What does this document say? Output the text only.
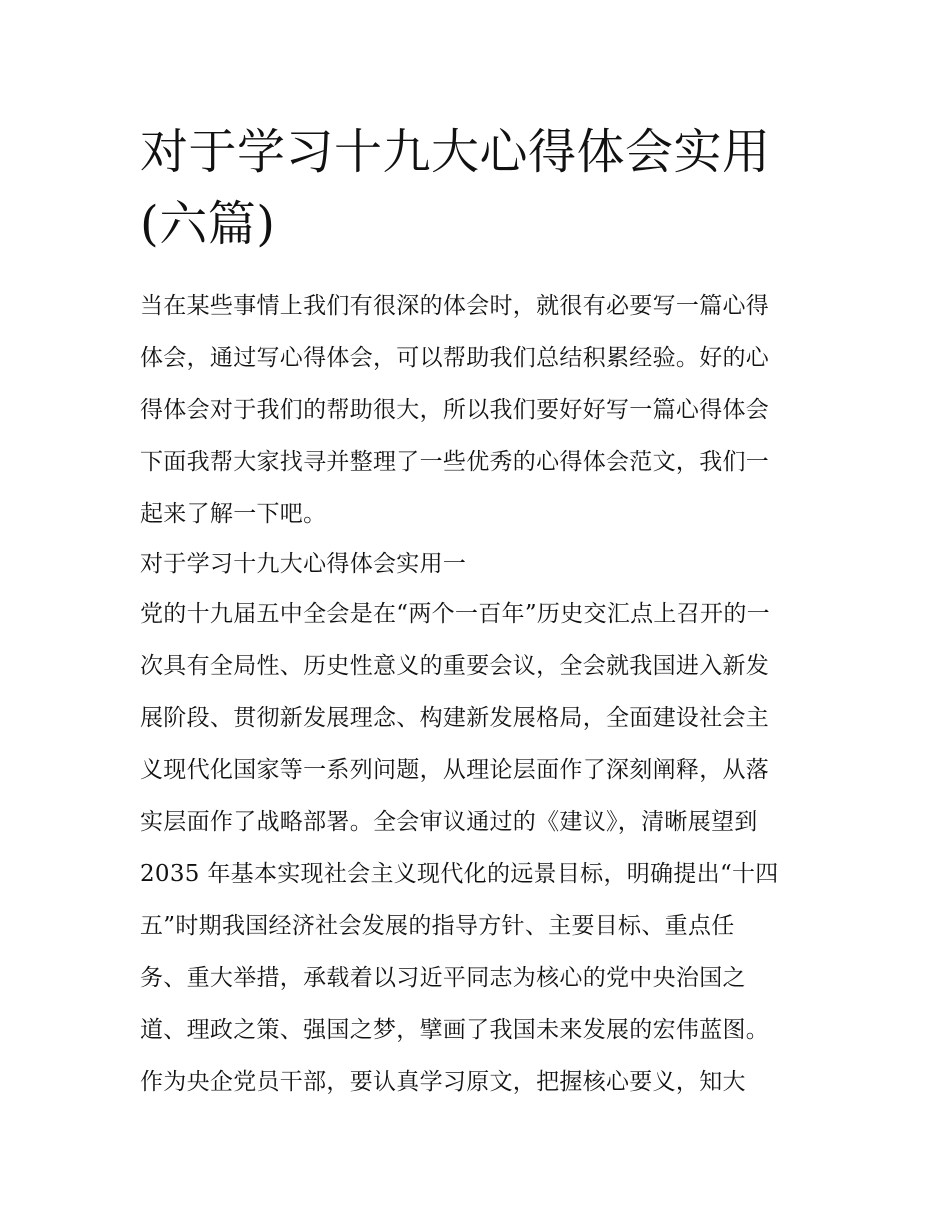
对于学习十九大心得体会实用
(六篇)
当在某些事情上我们有很深的体会时，就很有必要写一篇心得
体会，通过写心得体会，可以帮助我们总结积累经验。好的心
得体会对于我们的帮助很大，所以我们要好好写一篇心得体会
下面我帮大家找寻并整理了一些优秀的心得体会范文，我们一
起来了解一下吧。
对于学习十九大心得体会实用一
党的十九届五中全会是在“两个一百年”历史交汇点上召开的一
次具有全局性、历史性意义的重要会议，全会就我国进入新发
展阶段、贯彻新发展理念、构建新发展格局，全面建设社会主
义现代化国家等一系列问题，从理论层面作了深刻阐释，从落
实层面作了战略部署。全会审议通过的《建议》，清晰展望到
2035 年基本实现社会主义现代化的远景目标，明确提出“十四
五”时期我国经济社会发展的指导方针、主要目标、重点任
务、重大举措，承载着以习近平同志为核心的党中央治国之
道、理政之策、强国之梦，擘画了我国未来发展的宏伟蓝图。
作为央企党员干部，要认真学习原文，把握核心要义，知大
